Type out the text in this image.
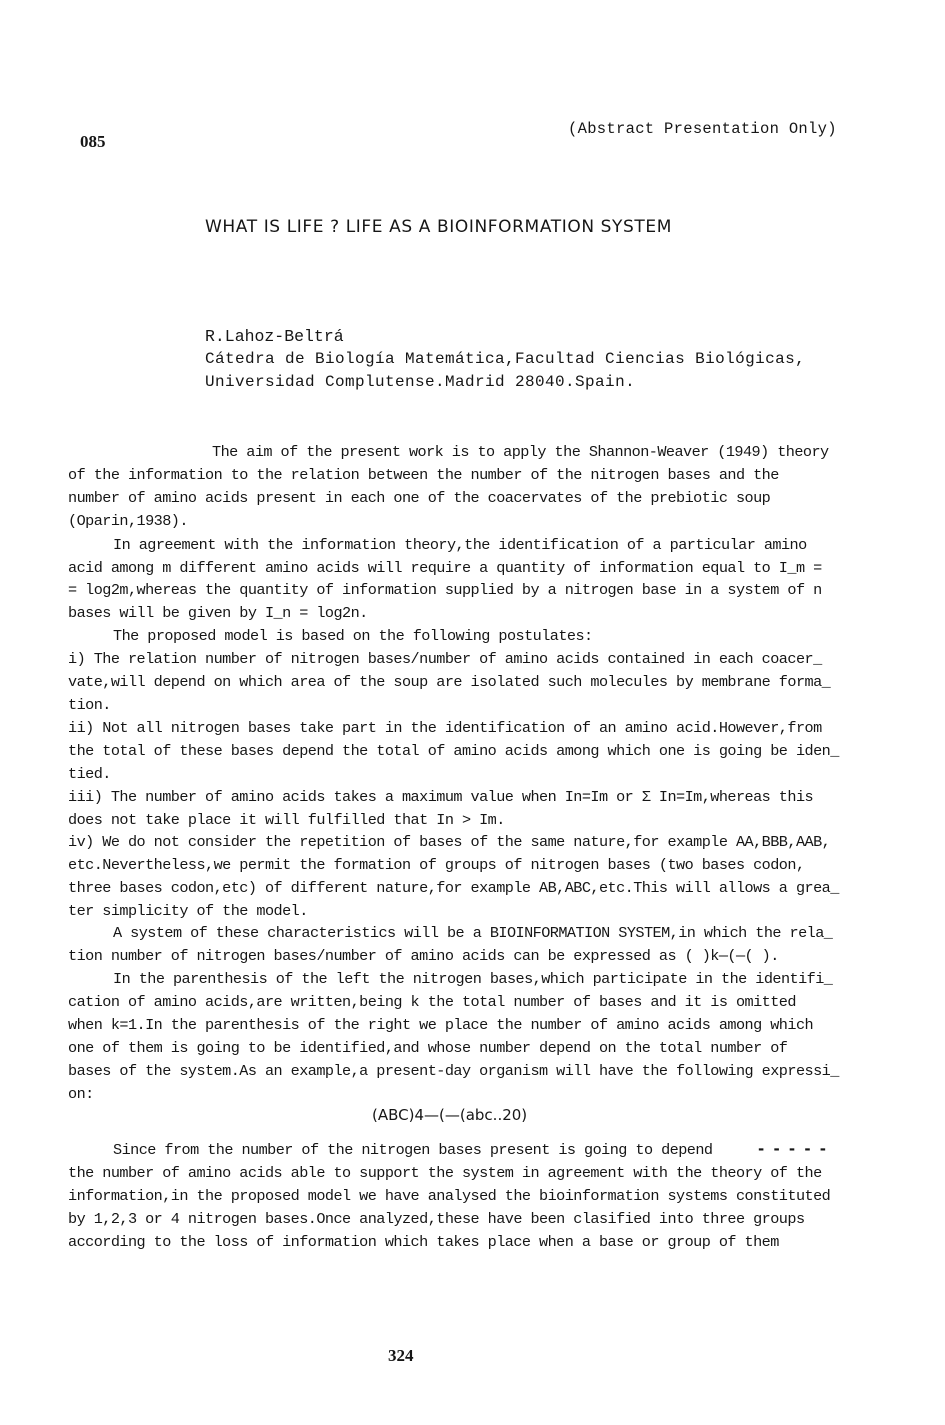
085
(Abstract Presentation Only)
WHAT IS LIFE ? LIFE AS A BIOINFORMATION SYSTEM
R.Lahoz-Beltrá
Cátedra de Biología Matemática,Facultad Ciencias Biológicas,
Universidad Complutense.Madrid 28040.Spain.
The aim of the present work is to apply the Shannon-Weaver (1949) theory
of the information to the relation between the number of the nitrogen bases and the
number of amino acids present in each one of the coacervates of the prebiotic soup
(Oparin,1938).
In agreement with the information theory,the identification of a particular amino
acid among m different amino acids will require a quantity of information equal to I_m =
= log2m,whereas the quantity of information supplied by a nitrogen base in a system of n
bases will be given by I_n = log2n.
The proposed model is based on the following postulates:
i) The relation number of nitrogen bases/number of amino acids contained in each coacer_
vate,will depend on which area of the soup are isolated such molecules by membrane forma_
tion.
ii) Not all nitrogen bases take part in the identification of an amino acid.However,from
the total of these bases depend the total of amino acids among which one is going be iden_
tied.
iii) The number of amino acids takes a maximum value when In=Im or Σ In=Im,whereas this
does not take place it will fulfilled that In > Im.
iv) We do not consider the repetition of bases of the same nature,for example AA,BBB,AAB,
etc.Nevertheless,we permit the formation of groups of nitrogen bases (two bases codon,
three bases codon,etc) of different nature,for example AB,ABC,etc.This will allows a grea_
ter simplicity of the model.
A system of these characteristics will be a BIOINFORMATION SYSTEM,in which the rela_
tion number of nitrogen bases/number of amino acids can be expressed as ( )k—(—( ).
In the parenthesis of the left the nitrogen bases,which participate in the identifi_
cation of amino acids,are written,being k the total number of bases and it is omitted
when k=1.In the parenthesis of the right we place the number of amino acids among which
one of them is going to be identified,and whose number depend on the total number of
bases of the system.As an example,a present-day organism will have the following expressi_
on:
(ABC)4—(—(abc..20)
Since from the number of the nitrogen bases present is going to depend	- - - - -
the number of amino acids able to support the system in agreement with the theory of the
information,in the proposed model we have analysed the bioinformation systems constituted
by 1,2,3 or 4 nitrogen bases.Once analyzed,these have been clasified into three groups
according to the loss of information which takes place when a base or group of them
324
